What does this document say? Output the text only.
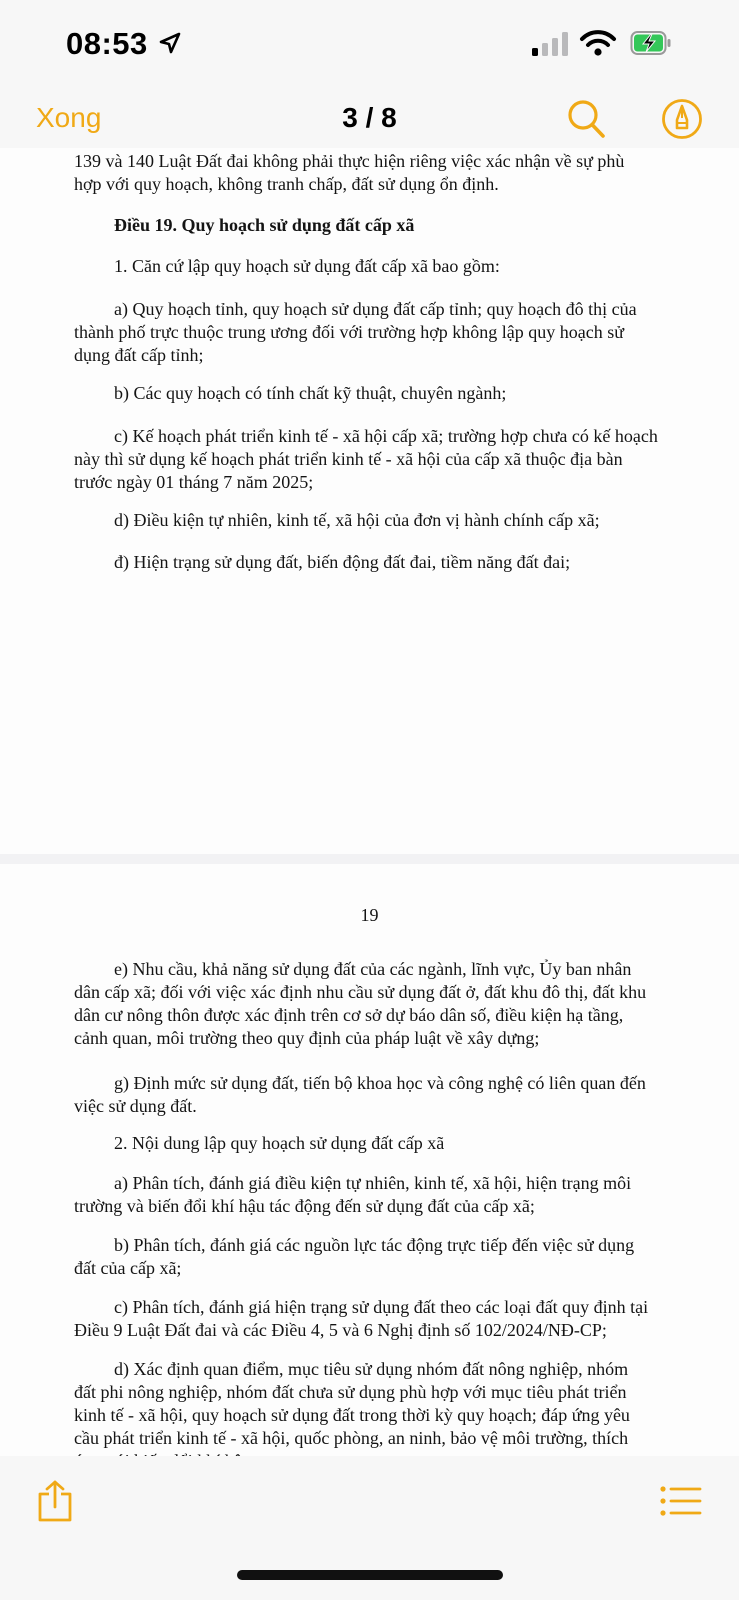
08:53
Xong	3 / 8
139 và 140 Luật Đất đai không phải thực hiện riêng việc xác nhận về sự phù
hợp với quy hoạch, không tranh chấp, đất sử dụng ổn định.
Điều 19. Quy hoạch sử dụng đất cấp xã
1. Căn cứ lập quy hoạch sử dụng đất cấp xã bao gồm:
a) Quy hoạch tỉnh, quy hoạch sử dụng đất cấp tỉnh; quy hoạch đô thị của
thành phố trực thuộc trung ương đối với trường hợp không lập quy hoạch sử
dụng đất cấp tỉnh;
b) Các quy hoạch có tính chất kỹ thuật, chuyên ngành;
c) Kế hoạch phát triển kinh tế - xã hội cấp xã; trường hợp chưa có kế hoạch
này thì sử dụng kế hoạch phát triển kinh tế - xã hội của cấp xã thuộc địa bàn
trước ngày 01 tháng 7 năm 2025;
d) Điều kiện tự nhiên, kinh tế, xã hội của đơn vị hành chính cấp xã;
đ) Hiện trạng sử dụng đất, biến động đất đai, tiềm năng đất đai;
19
e) Nhu cầu, khả năng sử dụng đất của các ngành, lĩnh vực, Ủy ban nhân
dân cấp xã; đối với việc xác định nhu cầu sử dụng đất ở, đất khu đô thị, đất khu
dân cư nông thôn được xác định trên cơ sở dự báo dân số, điều kiện hạ tầng,
cảnh quan, môi trường theo quy định của pháp luật về xây dựng;
g) Định mức sử dụng đất, tiến bộ khoa học và công nghệ có liên quan đến
việc sử dụng đất.
2. Nội dung lập quy hoạch sử dụng đất cấp xã
a) Phân tích, đánh giá điều kiện tự nhiên, kinh tế, xã hội, hiện trạng môi
trường và biến đổi khí hậu tác động đến sử dụng đất của cấp xã;
b) Phân tích, đánh giá các nguồn lực tác động trực tiếp đến việc sử dụng
đất của cấp xã;
c) Phân tích, đánh giá hiện trạng sử dụng đất theo các loại đất quy định tại
Điều 9 Luật Đất đai và các Điều 4, 5 và 6 Nghị định số 102/2024/NĐ-CP;
d) Xác định quan điểm, mục tiêu sử dụng nhóm đất nông nghiệp, nhóm
đất phi nông nghiệp, nhóm đất chưa sử dụng phù hợp với mục tiêu phát triển
kinh tế - xã hội, quy hoạch sử dụng đất trong thời kỳ quy hoạch; đáp ứng yêu
cầu phát triển kinh tế - xã hội, quốc phòng, an ninh, bảo vệ môi trường, thích
